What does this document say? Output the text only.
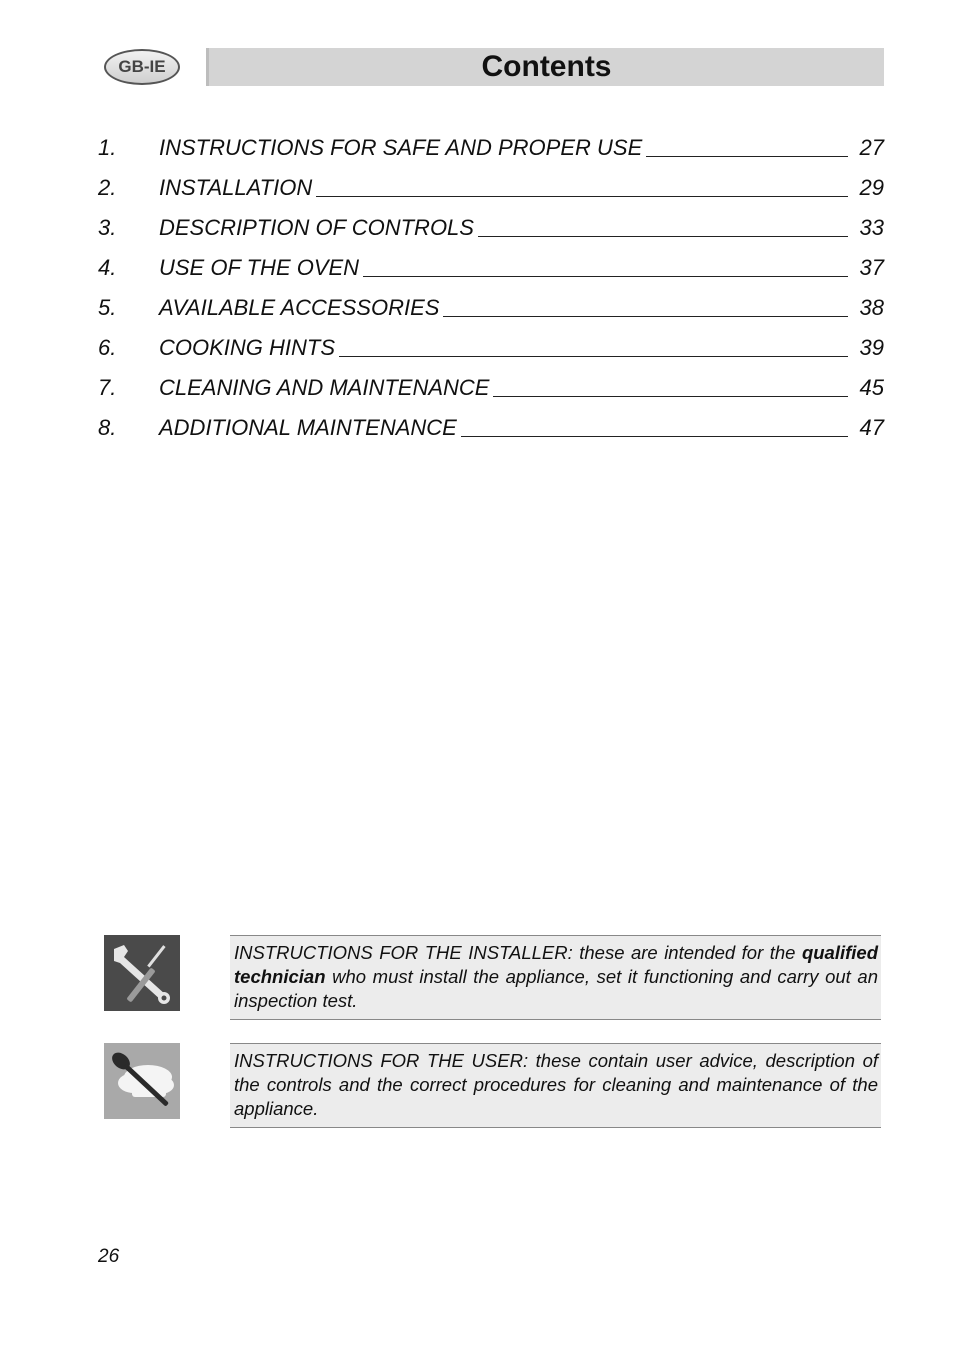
GB-IE	Contents
1.	INSTRUCTIONS FOR SAFE AND PROPER USE	27
2.	INSTALLATION	29
3.	DESCRIPTION OF CONTROLS	33
4.	USE OF THE OVEN	37
5.	AVAILABLE ACCESSORIES	38
6.	COOKING HINTS	39
7.	CLEANING AND MAINTENANCE	45
8.	ADDITIONAL MAINTENANCE	47
INSTRUCTIONS FOR THE INSTALLER: these are intended for the qualified technician who must install the appliance, set it functioning and carry out an inspection test.
INSTRUCTIONS FOR THE USER: these contain user advice, description of the controls and the correct procedures for cleaning and maintenance of the appliance.
26
